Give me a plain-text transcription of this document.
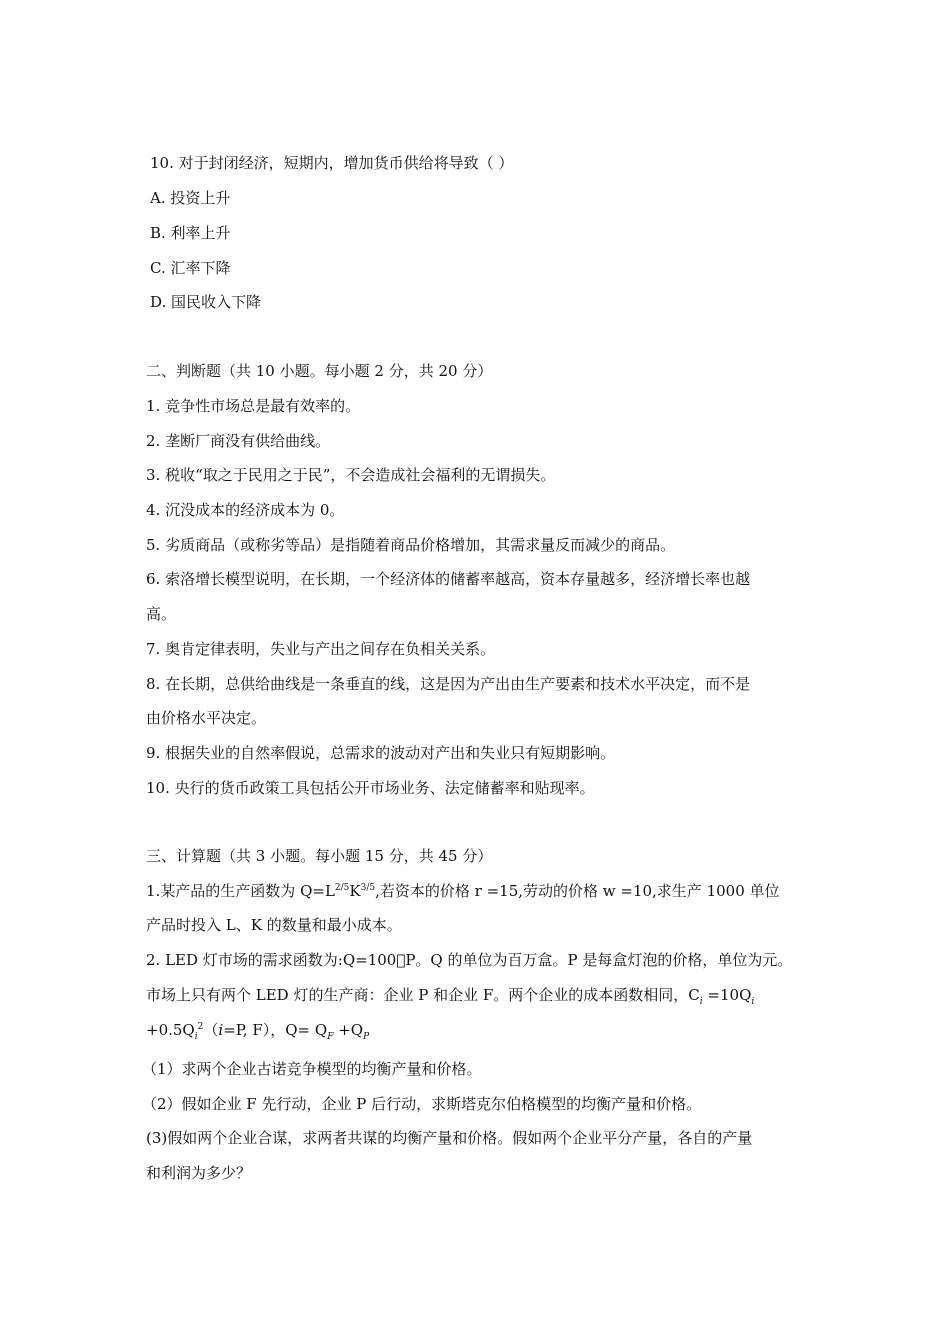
10. 对于封闭经济，短期内，增加货币供给将导致（ ）
A. 投资上升
B. 利率上升
C. 汇率下降
D. 国民收入下降
二、判断题（共 10 小题。每小题 2 分，共 20 分）
1. 竞争性市场总是最有效率的。
2. 垄断厂商没有供给曲线。
3. 税收“取之于民用之于民”，不会造成社会福利的无谓损失。
4. 沉没成本的经济成本为 0。
5. 劣质商品（或称劣等品）是指随着商品价格增加，其需求量反而减少的商品。
6. 索洛增长模型说明，在长期，一个经济体的储蓄率越高，资本存量越多，经济增长率也越
高。
7. 奥肯定律表明，失业与产出之间存在负相关关系。
8. 在长期，总供给曲线是一条垂直的线，这是因为产出由生产要素和技术水平决定，而不是
由价格水平决定。
9. 根据失业的自然率假说，总需求的波动对产出和失业只有短期影响。
10. 央行的货币政策工具包括公开市场业务、法定储蓄率和贴现率。
三、计算题（共 3 小题。每小题 15 分，共 45 分）
1.某产品的生产函数为 $Q=L^{2/5}K^{3/5}$,若资本的价格 r =15,劳动的价格 w =10,求生产 1000 单位
产品时投入 L、K 的数量和最小成本。
2. LED 灯市场的需求函数为:Q=100 P。Q 的单位为百万盒。P 是每盒灯泡的价格，单位为元。
市场上只有两个 LED 灯的生产商：企业 P 和企业 F。两个企业的成本函数相同，$C_i =10Q_i$
$+0.5Q_i^2(i=P$, F），$Q= Q_F +Q_P$
（1）求两个企业古诺竞争模型的均衡产量和价格。
（2）假如企业 F 先行动，企业 P 后行动，求斯塔克尔伯格模型的均衡产量和价格。
(3)假如两个企业合谋，求两者共谋的均衡产量和价格。假如两个企业平分产量，各自的产量
和利润为多少？
